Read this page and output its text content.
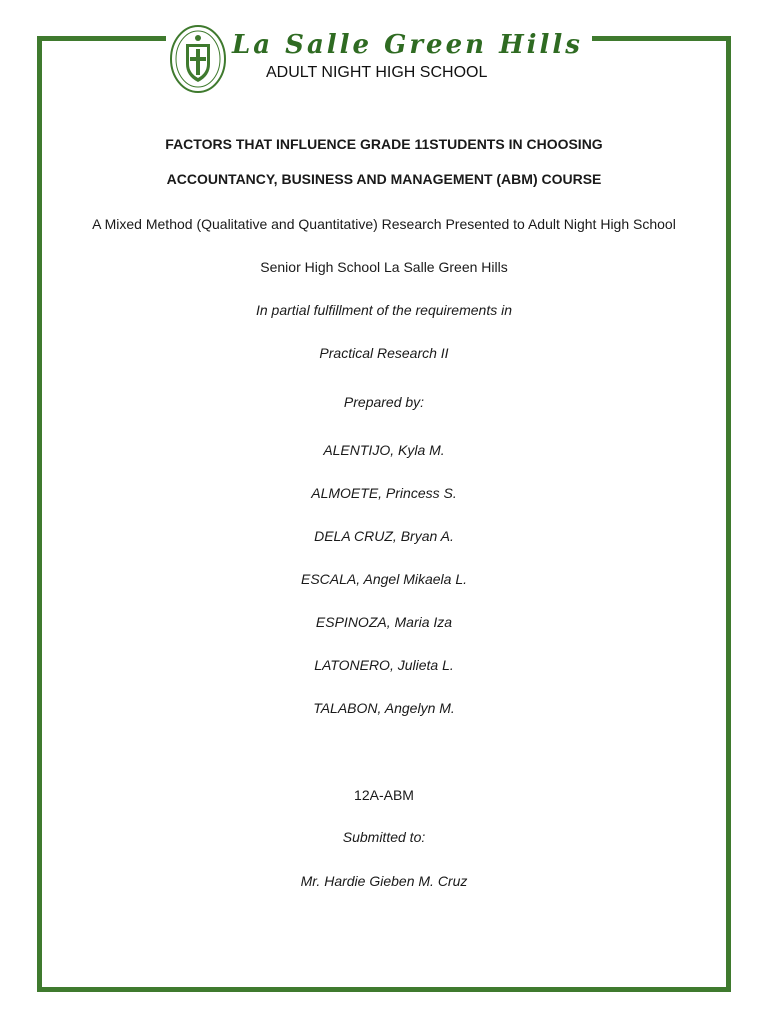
La Salle Green Hills
ADULT NIGHT HIGH SCHOOL
FACTORS THAT INFLUENCE GRADE 11STUDENTS IN CHOOSING
ACCOUNTANCY, BUSINESS AND MANAGEMENT (ABM) COURSE
A Mixed Method (Qualitative and Quantitative) Research Presented to Adult Night High School
Senior High School La Salle Green Hills
In partial fulfillment of the requirements in
Practical Research II
Prepared by:
ALENTIJO, Kyla M.
ALMOETE, Princess S.
DELA CRUZ, Bryan A.
ESCALA, Angel Mikaela L.
ESPINOZA, Maria Iza
LATONERO, Julieta L.
TALABON, Angelyn M.
12A-ABM
Submitted to:
Mr. Hardie Gieben M. Cruz
